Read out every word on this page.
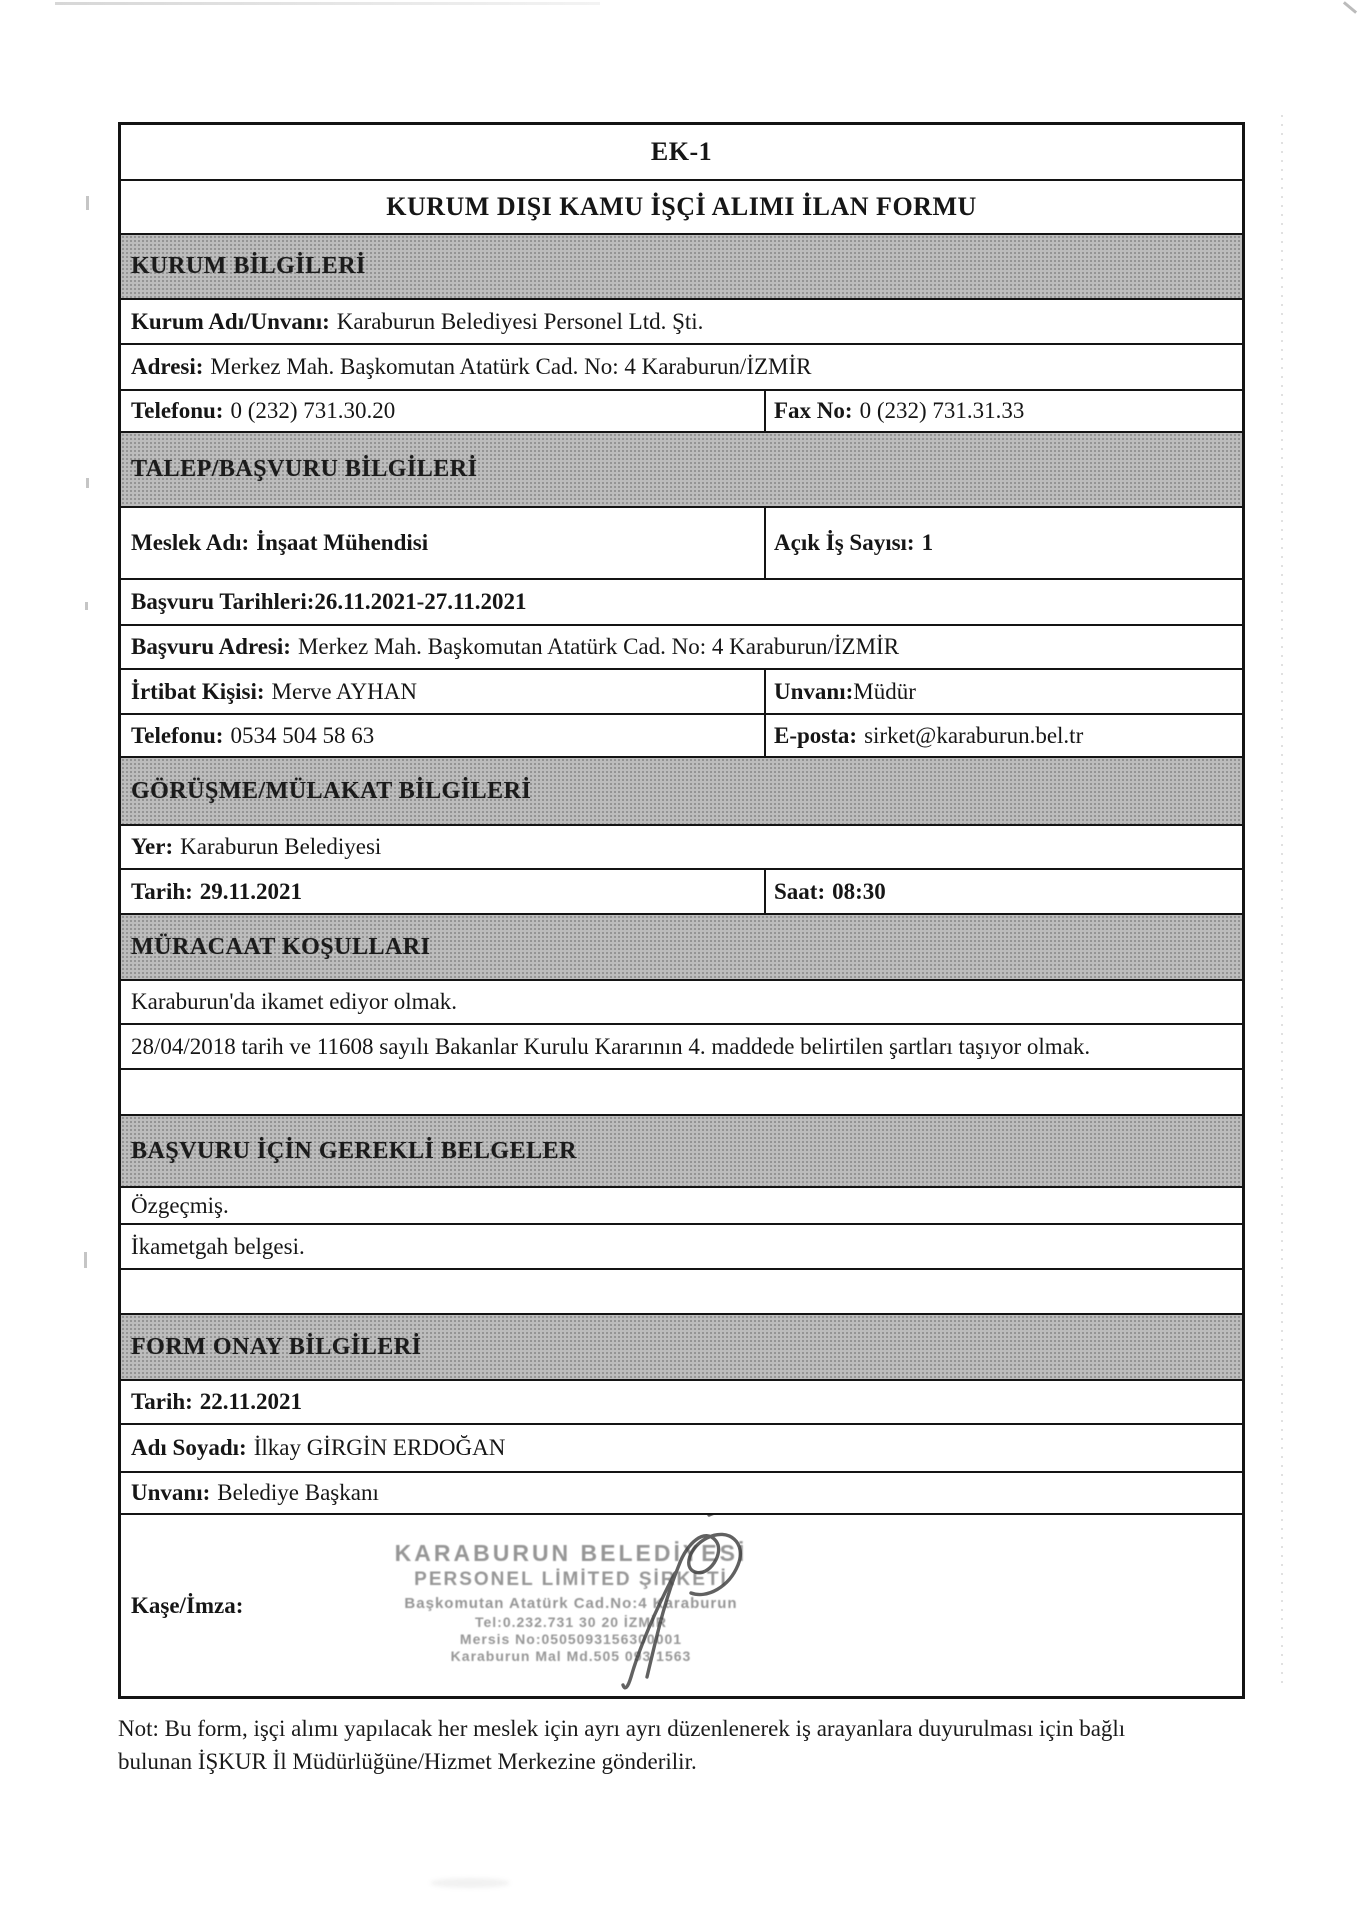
EK-1
KURUM DIŞI KAMU İŞÇİ ALIMI İLAN FORMU
KURUM BİLGİLERİ
Kurum Adı/Unvanı: Karaburun Belediyesi Personel Ltd. Şti.
Adresi: Merkez Mah. Başkomutan Atatürk Cad. No: 4 Karaburun/İZMİR
Telefonu: 0 (232) 731.30.20	Fax No: 0 (232) 731.31.33
TALEP/BAŞVURU BİLGİLERİ
Meslek Adı: İnşaat Mühendisi	Açık İş Sayısı: 1
Başvuru Tarihleri: 26.11.2021-27.11.2021
Başvuru Adresi: Merkez Mah. Başkomutan Atatürk Cad. No: 4 Karaburun/İZMİR
İrtibat Kişisi: Merve AYHAN	Unvanı: Müdür
Telefonu: 0534 504 58 63	E-posta: sirket@karaburun.bel.tr
GÖRÜŞME/MÜLAKAT BİLGİLERİ
Yer: Karaburun Belediyesi
Tarih: 29.11.2021	Saat: 08:30
MÜRACAAT KOŞULLARI
Karaburun'da ikamet ediyor olmak.
28/04/2018 tarih ve 11608 sayılı Bakanlar Kurulu Kararının 4. maddede belirtilen şartları taşıyor olmak.
BAŞVURU İÇİN GEREKLİ BELGELER
Özgeçmiş.
İkametgah belgesi.
FORM ONAY BİLGİLERİ
Tarih: 22.11.2021
Adı Soyadı: İlkay GİRGİN ERDOĞAN
Unvanı: Belediye Başkanı
Kaşe/İmza:
KARABURUN BELEDİYESİ
PERSONEL LİMİTED ŞİRKETİ
Başkomutan Atatürk Cad.No:4 Karaburun
Tel:0.232.731 30 20 İZMİR
Mersis No:0505093156300001
Karaburun Mal Md.505 093 1563
Not: Bu form, işçi alımı yapılacak her meslek için ayrı ayrı düzenlenerek iş arayanlara duyurulması için bağlı
bulunan İŞKUR İl Müdürlüğüne/Hizmet Merkezine gönderilir.
